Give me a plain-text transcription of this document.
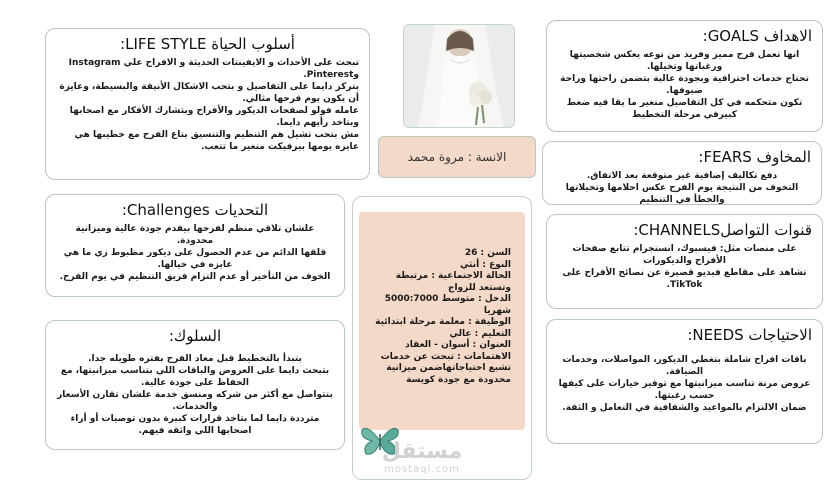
الاهداف GOALS:

انها تعمل فرح مميز وفريد من نوعه يعكس شخصيتها ورغباتها وتخيلها.

تحتاج خدمات احترافية وبجودة عالية بتضمن راحتها وراحة ضيوفها.

تكون متحكمه في كل التفاصيل منغير ما يقا فيه ضغط كبيرفي مرحلة التخطيط

المخاوف FEARS:

دفع تكاليف إضافية غير متوقعة بعد الاتفاق.

التخوف من النتيجة يوم الفرح عكس احلامها وتخيلاتها والخطأ في التنظيم

قنوات التواصلCHANNELS:

على منصات مثل: فيسبوك، انستجرام تتابع صفحات الأفراح والديكورات

تشاهد على مقاطع فيديو قصيرة عن نصائح الأفراح على TikTok.

الاحتياجات NEEDS:

باقات افراح شاملة بتغطي الديكور، المواصلات، وخدمات الضيافة.

عروض مرنة تناسب ميزانيتها مع توفير خيارات على كيفها حسب رغبتها.

ضمان الالتزام بالمواعيد والشفافية في التعامل و الثقة.

أسلوب الحياة LIFE STYLE:

تبحث على الأحداث و الايفينتات الحديثة و الافراح علي Instagram وPinterest.

بتركز دايما على التفاصيل و بتحب الاشكال الأنيقة والبسيطة، وعايزة أن يكون يوم فرحها مثالي.

عامله فولو لصفحات الديكور والأفراح وبتشارك الأفكار مع اصحابها وبتاخد رأيهم دايما.

مش بتحب تشيل هم التنظيم والتنسيق بتاع الفرح مع خطيبها هي عايزه يومها بيرفيكت منغير ما تتعب.

التحديات Challenges:

علشان تلاقي منظم لفرحها بيقدم جودة عالية وميزانية محدودة.

قلقها الدائم من عدم الحصول على ديكور مظبوط زي ما هي عايزه في خيالها.

الخوف من التأخير أو عدم التزام فريق التنظيم في يوم الفرح.

السلوك:

بتبدأ بالتخطيط قبل معاد الفرح بفتره طويله جدا.

بتبحث دايما على العروض والباقات اللي بتناسب ميزانيتها، مع الحفاظ على جودة عالية.

بتتواصل مع أكثر من شركه ومنسق خدمة علشان تقارن الأسعار والخدمات.

مترددة دايما لما بتاخذ قرارات كبيرة بدون توصيات أو أراء اصحابها اللي واثقه فيهم.

الانسة : مروة محمد

السن : 26

النوع : أنثي

الحالة الاجتماعية : مرتبطة وتستعد للزواج

الدخل : متوسط 5000:7000 شهريا

الوظيفة : معلمة مرحلة ابتدائية

التعليم : عالي

العنوان : أسوان - العقاد

الاهتمامات : تبحث عن خدمات تشبع احتياجاتهاضمن ميزانية محدودة مع جودة كويسة

مستقل
mostaql.com
